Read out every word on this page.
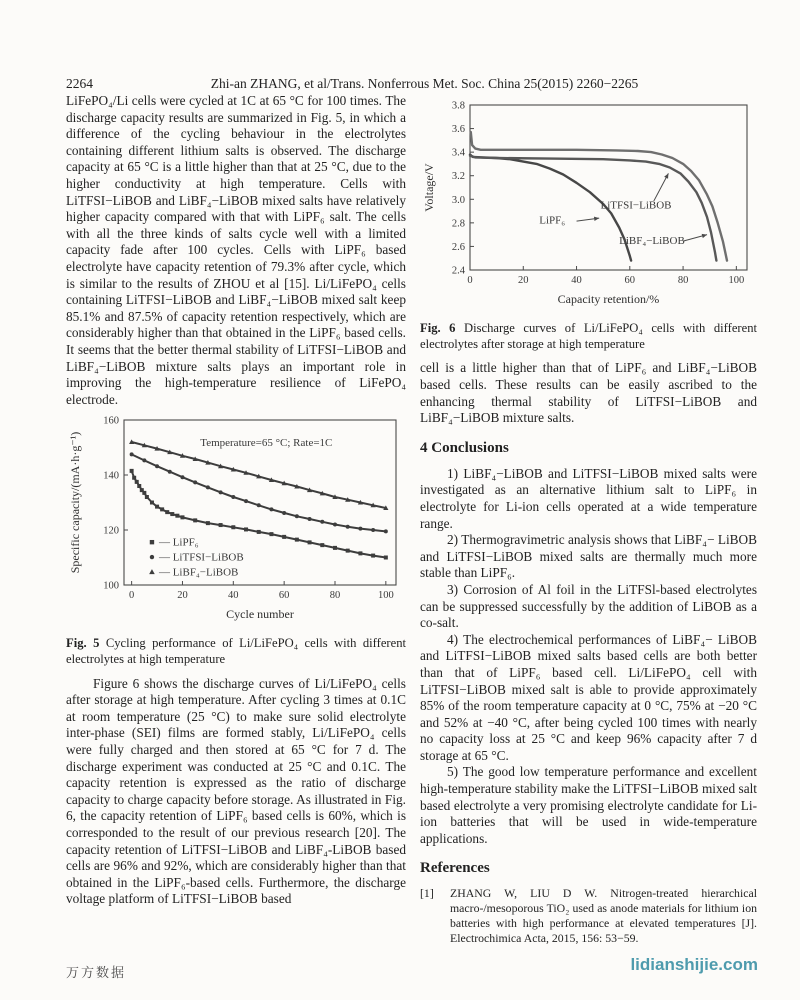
2264	Zhi-an ZHANG, et al/Trans. Nonferrous Met. Soc. China 25(2015) 2260−2265

LiFePO₄/Li cells were cycled at 1C at 65 °C for 100 times. The discharge capacity results are summarized in Fig. 5, in which a difference of the cycling behaviour in the electrolytes containing different lithium salts is observed. The discharge capacity at 65 °C is a little higher than that at 25 °C, due to the higher conductivity at high temperature. Cells with LiTFSI−LiBOB and LiBF₄−LiBOB mixed salts have relatively higher capacity compared with that with LiPF₆ salt. The cells with all the three kinds of salts cycle well with a limited capacity fade after 100 cycles. Cells with LiPF₆ based electrolyte have capacity retention of 79.3% after cycle, which is similar to the results of ZHOU et al [15]. Li/LiFePO₄ cells containing LiTFSI−LiBOB and LiBF₄−LiBOB mixed salt keep 85.1% and 87.5% of capacity retention respectively, which are considerably higher than that obtained in the LiPF₆ based cells. It seems that the better thermal stability of LiTFSI−LiBOB and LiBF₄−LiBOB mixture salts plays an important role in improving the high-temperature resilience of LiFePO₄ electrode.

0	20	40	60	80	100
100
120
140
160
Cycle number
Specific capacity/(mA·h·g⁻¹)	Temperature=65 °C; Rate=1C
— LiPF₆
— LiTFSI−LiBOB
— LiBF₄−LiBOB

Fig. 5 Cycling performance of Li/LiFePO₄ cells with different electrolytes at high temperature

Figure 6 shows the discharge curves of Li/LiFePO₄ cells after storage at high temperature. After cycling 3 times at 0.1C at room temperature (25 °C) to make sure solid electrolyte inter-phase (SEI) films are formed stably, Li/LiFePO₄ cells were fully charged and then stored at 65 °C for 7 d. The discharge experiment was conducted at 25 °C and 0.1C. The capacity retention is expressed as the ratio of discharge capacity to charge capacity before storage. As illustrated in Fig. 6, the capacity retention of LiPF₆ based cells is 60%, which is corresponded to the result of our previous research [20]. The capacity retention of LiTFSI−LiBOB and LiBF₄-LiBOB based cells are 96% and 92%, which are considerably higher than that obtained in the LiPF₆-based cells. Furthermore, the discharge voltage platform of LiTFSI−LiBOB based

0	20	40	60	80	100
2.4
2.6
2.8
3.0
3.2
3.4
3.6
3.8
Capacity retention/%
Voltage/V
LiPF₆
LiTFSI−LiBOB
LiBF₄−LiBOB

Fig. 6 Discharge curves of Li/LiFePO₄ cells with different electrolytes after storage at high temperature

cell is a little higher than that of LiPF₆ and LiBF₄−LiBOB based cells. These results can be easily ascribed to the enhancing thermal stability of LiTFSI−LiBOB and LiBF₄−LiBOB mixture salts.

4 Conclusions

1) LiBF₄−LiBOB and LiTFSI−LiBOB mixed salts were investigated as an alternative lithium salt to LiPF₆ in electrolyte for Li-ion cells operated at a wide temperature range.

2) Thermogravimetric analysis shows that LiBF₄− LiBOB and LiTFSI−LiBOB mixed salts are thermally much more stable than LiPF₆.

3) Corrosion of Al foil in the LiTFSl-based electrolytes can be suppressed successfully by the addition of LiBOB as a co-salt.

4) The electrochemical performances of LiBF₄− LiBOB and LiTFSI−LiBOB mixed salts based cells are both better than that of LiPF₆ based cell. Li/LiFePO₄ cell with LiTFSI−LiBOB mixed salt is able to provide approximately 85% of the room temperature capacity at 0 °C, 75% at −20 °C and 52% at −40 °C, after being cycled 100 times with nearly no capacity loss at 25 °C and keep 96% capacity after 7 d storage at 65 °C.

5) The good low temperature performance and excellent high-temperature stability make the LiTFSI−LiBOB mixed salt based electrolyte a very promising electrolyte candidate for Li-ion batteries that will be used in wide-temperature applications.

References
[1]	ZHANG W, LIU D W. Nitrogen-treated hierarchical macro-/mesoporous TiO₂ used as anode materials for lithium ion batteries with high performance at elevated temperatures [J]. Electrochimica Acta, 2015, 156: 53−59.
万方数据	lidianshijie.com
